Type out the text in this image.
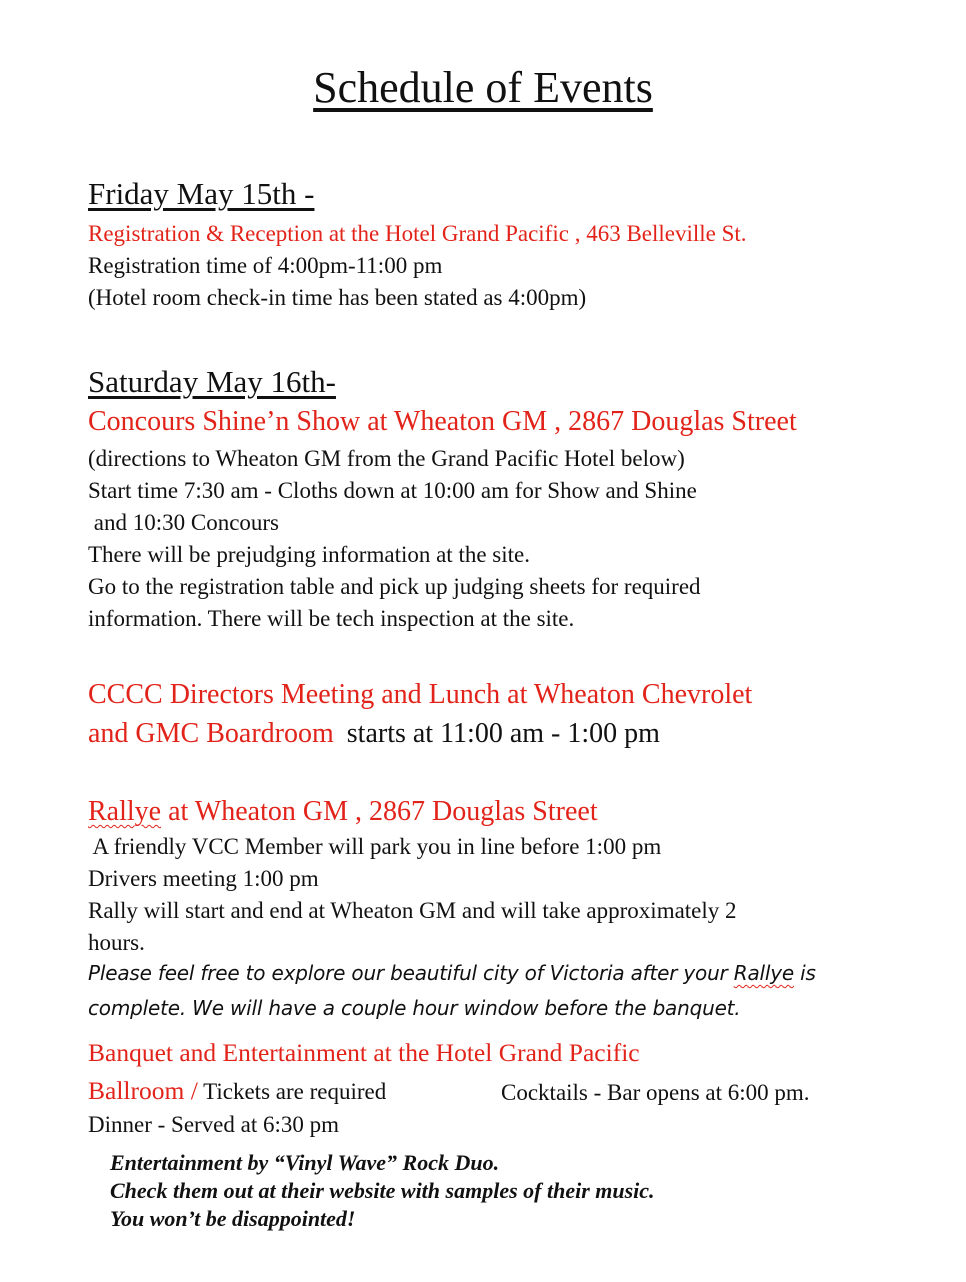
Schedule of Events
Friday May 15th -
Registration & Reception at the Hotel Grand Pacific , 463 Belleville St.
Registration time of 4:00pm-11:00 pm
(Hotel room check-in time has been stated as 4:00pm)
Saturday May 16th-
Concours Shine’n Show at Wheaton GM , 2867 Douglas Street
(directions to Wheaton GM from the Grand Pacific Hotel below)
Start time 7:30 am - Cloths down at 10:00 am for Show and Shine
and 10:30 Concours
There will be prejudging information at the site.
Go to the registration table and pick up judging sheets for required
information. There will be tech inspection at the site.
CCCC Directors Meeting and Lunch at Wheaton Chevrolet
and GMC Boardroom starts at 11:00 am - 1:00 pm
Rallye at Wheaton GM , 2867 Douglas Street
A friendly VCC Member will park you in line before 1:00 pm
Drivers meeting 1:00 pm
Rally will start and end at Wheaton GM and will take approximately 2
hours.
Please feel free to explore our beautiful city of Victoria after your Rallye is
complete. We will have a couple hour window before the banquet.
Banquet and Entertainment at the Hotel Grand Pacific
Ballroom / Tickets are required	Cocktails - Bar opens at 6:00 pm.
Dinner - Served at 6:30 pm
Entertainment by “Vinyl Wave” Rock Duo.
Check them out at their website with samples of their music.
You won’t be disappointed!
